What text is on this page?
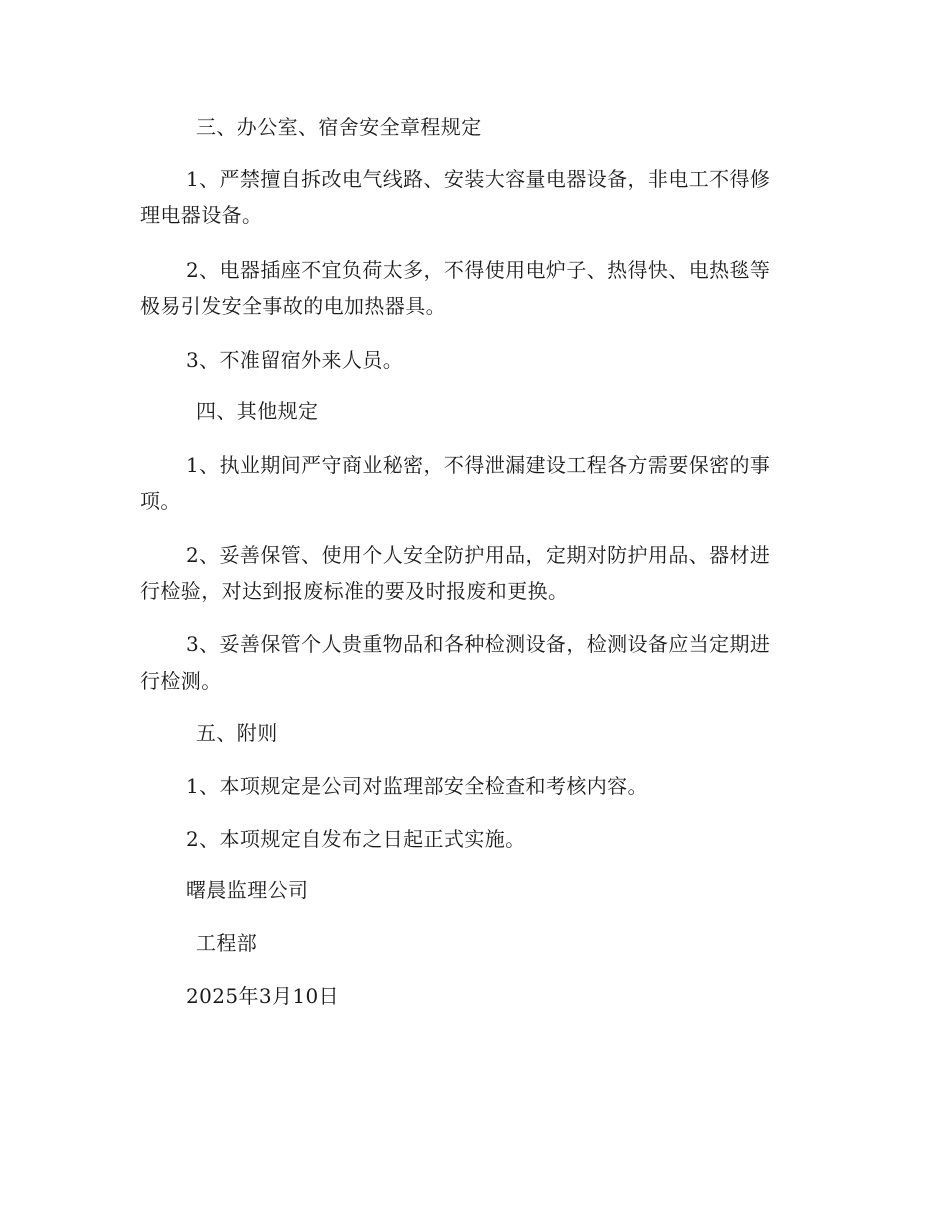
三、办公室、宿舍安全章程规定
1、严禁擅自拆改电气线路、安装大容量电器设备，非电工不得修
理电器设备。
2、电器插座不宜负荷太多，不得使用电炉子、热得快、电热毯等
极易引发安全事故的电加热器具。
3、不准留宿外来人员。
四、其他规定
1、执业期间严守商业秘密，不得泄漏建设工程各方需要保密的事
项。
2、妥善保管、使用个人安全防护用品，定期对防护用品、器材进
行检验，对达到报废标准的要及时报废和更换。
3、妥善保管个人贵重物品和各种检测设备，检测设备应当定期进
行检测。
五、附则
1、本项规定是公司对监理部安全检查和考核内容。
2、本项规定自发布之日起正式实施。
曙晨监理公司
工程部
2025年3月10日
